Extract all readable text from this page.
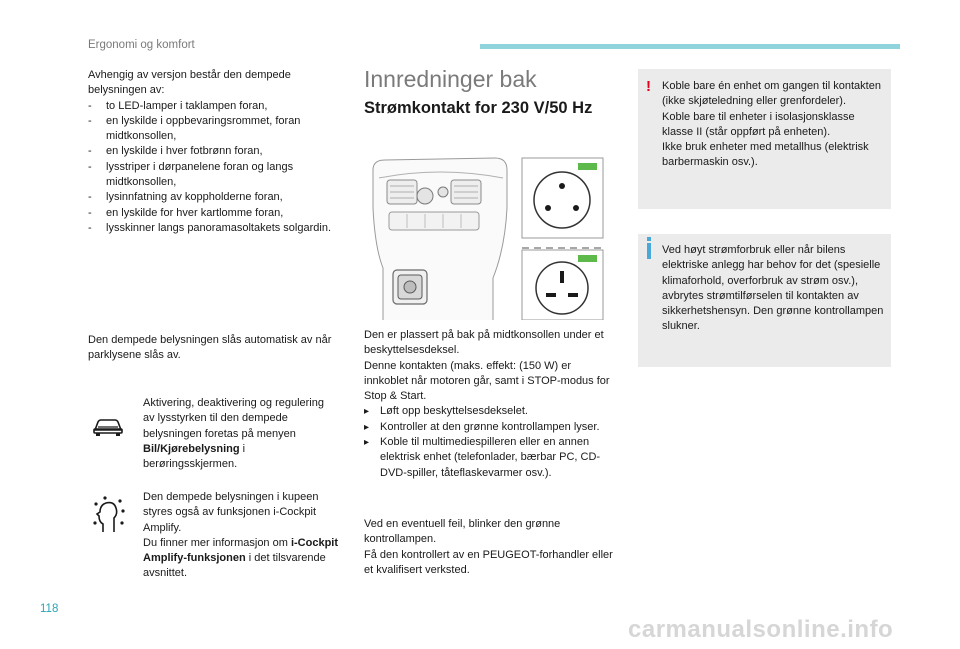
Ergonomi og komfort

Avhengig av versjon består den dempede belysningen av:

- to LED-lamper i taklampen foran,
- en lyskilde i oppbevaringsrommet, foran midtkonsollen,
- en lyskilde i hver fotbrønn foran,
- lysstriper i dørpanelene foran og langs midtkonsollen,
- lysinnfatning av koppholderne foran,
- en lyskilde for hver kartlomme foran,
- lysskinner langs panoramasoltakets solgardin.
Den dempede belysningen slås automatisk av når parklysene slås av.
Aktivering, deaktivering og regulering av lysstyrken til den dempede belysningen foretas på menyen Bil/Kjørebelysning i berøringsskjermen.

Den dempede belysningen i kupeen styres også av funksjonen i-Cockpit Amplify.

Du finner mer informasjon om i-Cockpit Amplify-funksjonen i det tilsvarende avsnittet.

Innredninger bak
Strømkontakt for 230 V/50 Hz

Den er plassert på bak på midtkonsollen under et beskyttelsesdeksel.

Denne kontakten (maks. effekt: (150 W) er innkoblet når motoren går, samt i STOP-modus for Stop & Start.

▸ Løft opp beskyttelsesdekselet.
▸ Kontroller at den grønne kontrollampen lyser.
▸ Koble til multimediespilleren eller en annen elektrisk enhet (telefonlader, bærbar PC, CD-DVD-spiller, tåteflaskevarmer osv.).

Ved en eventuell feil, blinker den grønne kontrollampen.

Få den kontrollert av en PEUGEOT-forhandler eller et kvalifisert verksted.

! Koble bare én enhet om gangen til kontakten (ikke skjøteledning eller grenfordeler).

Koble bare til enheter i isolasjonsklasse klasse II (står oppført på enheten).

Ikke bruk enheter med metallhus (elektrisk barbermaskin osv.).

Ved høyt strømforbruk eller når bilens elektriske anlegg har behov for det (spesielle klimaforhold, overforbruk av strøm osv.), avbrytes strømtilførselen til kontakten av sikkerhetshensyn. Den grønne kontrollampen slukner.
118
carmanualsonline.info
